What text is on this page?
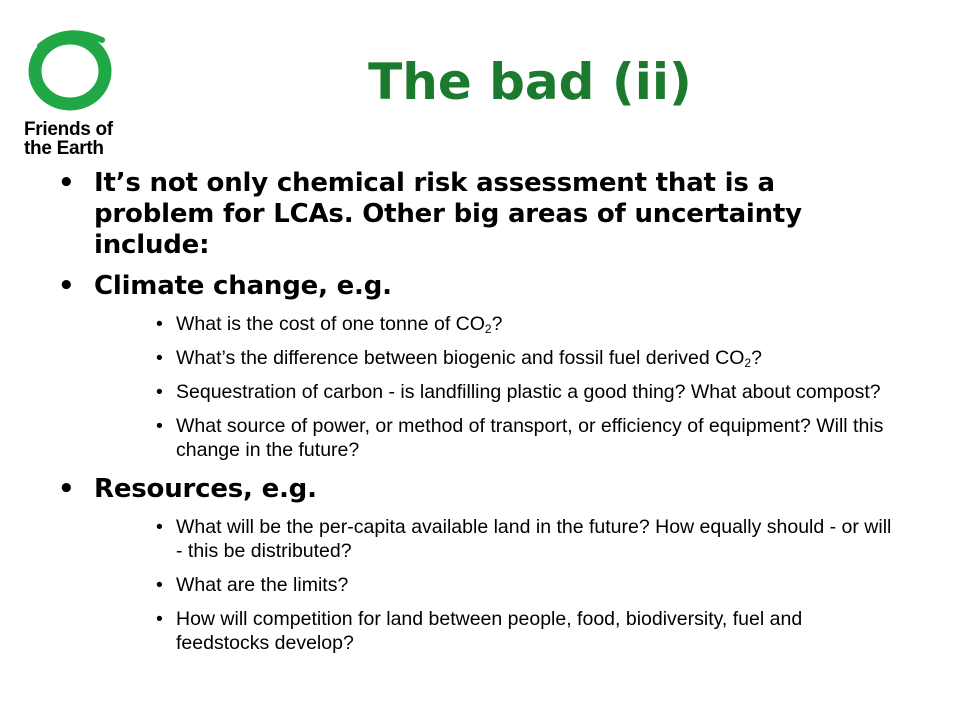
Friends of
the Earth
The bad (ii)
• It’s not only chemical risk assessment that is a problem for LCAs. Other big areas of uncertainty include:
• Climate change, e.g.
• What is the cost of one tonne of $CO_2$?
• What’s the difference between biogenic and fossil fuel derived $CO_2$?
• Sequestration of carbon - is landfilling plastic a good thing? What about compost?
• What source of power, or method of transport, or efficiency of equipment? Will this change in the future?
• Resources, e.g.
• What will be the per-capita available land in the future? How equally should - or will - this be distributed?
• What are the limits?
• How will competition for land between people, food, biodiversity, fuel and feedstocks develop?
